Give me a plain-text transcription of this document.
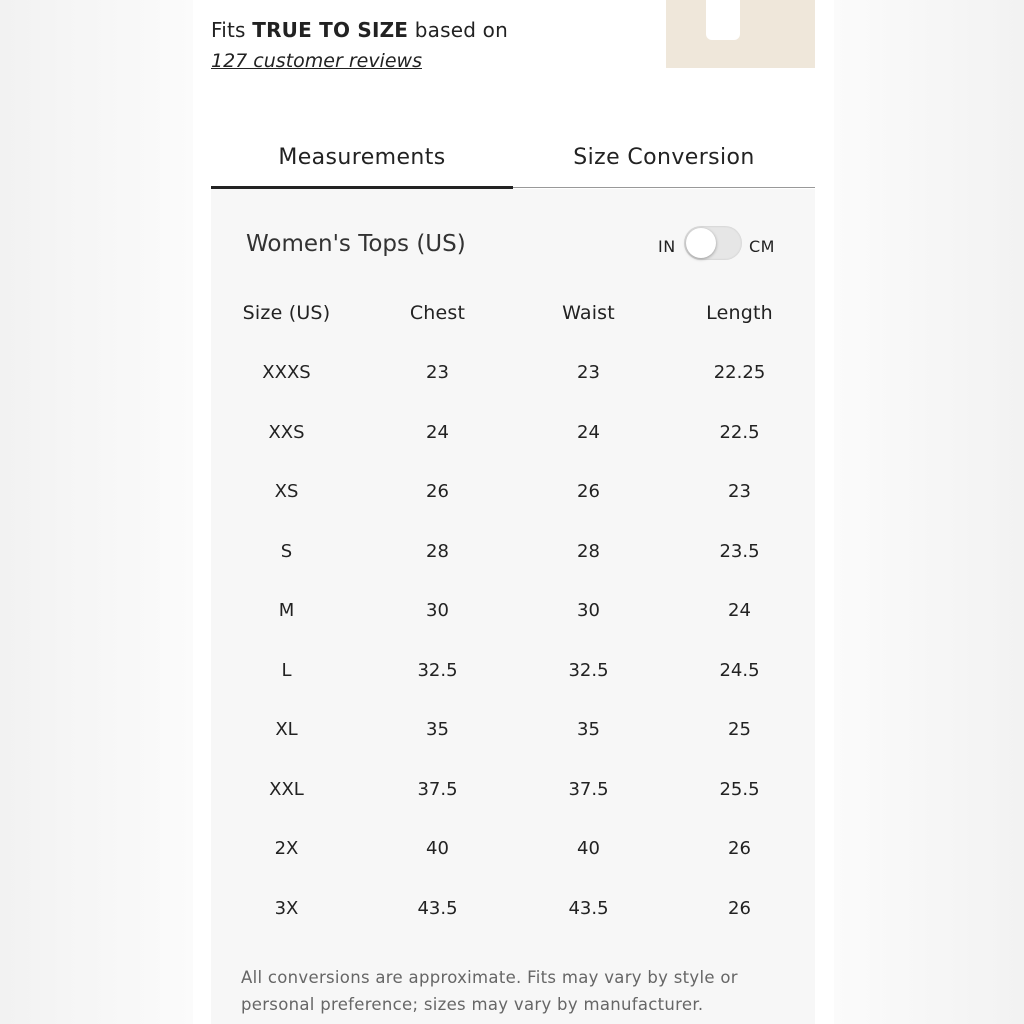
Fits TRUE TO SIZE based on
127 customer reviews
Measurements	Size Conversion
Women's Tops (US)	IN	CM
Size (US)	Chest	Waist	Length
XXXS	23	23	22.25
XXS	24	24	22.5
XS	26	26	23
S	28	28	23.5
M	30	30	24
L	32.5	32.5	24.5
XL	35	35	25
XXL	37.5	37.5	25.5
2X	40	40	26
3X	43.5	43.5	26
All conversions are approximate. Fits may vary by style or personal preference; sizes may vary by manufacturer.
